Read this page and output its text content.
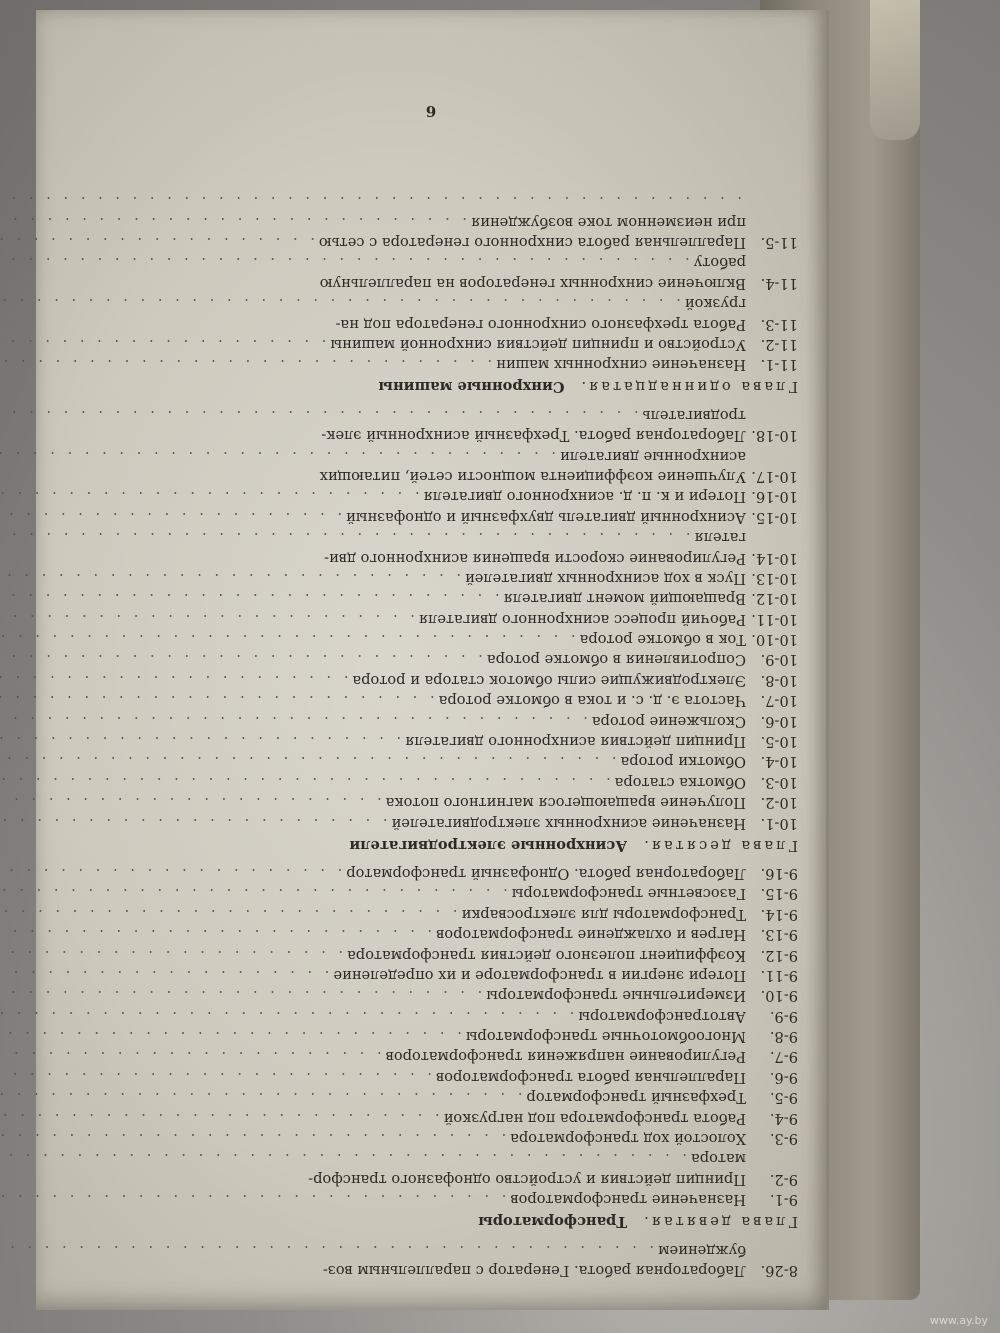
8-26.
Лабораторная работа. Генератор с параллельным воз-
буждением
. . .
Глава девятая.
Трансформаторы
9-1.
Назначение трансформаторов
. . .
9-2.
Принцип действия и устройство однофазного трансфор-
матора
. . .
9-3.
Холостой ход трансформатора
. . .
9-4.
Работа трансформатора под нагрузкой
. . .
9-5.
Трехфазный трансформатор
. . .
9-6.
Параллельная работа трансформаторов
. . .
9-7.
Регулирование напряжения трансформаторов
. . .
9-8.
Многообмоточные трансформаторы
. . .
9-9.
Автотрансформаторы
. . .
9-10.
Измерительные трансформаторы
. . .
9-11.
Потери энергии в трансформаторе и их определение
. . .
9-12.
Коэффициент полезного действия трансформатора
. . .
9-13.
Нагрев и охлаждение трансформаторов
. . .
9-14.
Трансформаторы для электросварки
. . .
9-15.
Газосветные трансформаторы
. . .
9-16.
Лабораторная работа. Однофазный трансформатор
. . .
Глава десятая.
Асинхронные электродвигатели
10-1.
Назначение асинхронных электродвигателей
. . .
10-2.
Получение вращающегося магнитного потока
. . .
10-3.
Обмотка статора
. . .
10-4.
Обмотки ротора
. . .
10-5.
Принцип действия асинхронного двигателя
. . .
10-6.
Скольжение ротора
. . .
10-7.
Частота э. д. с. и тока в обмотке ротора
. . .
10-8.
Электродвижущие силы обмоток статора и ротора
. . .
10-9.
Сопротивления в обмотке ротора
. . .
10-10.
Ток в обмотке ротора
. . .
10-11.
Рабочий процесс асинхронного двигателя
. . .
10-12.
Вращающий момент двигателя
. . .
10-13.
Пуск в ход асинхронных двигателей
. . .
10-14.
Регулирование скорости вращения асинхронного дви-
гателя
. . .
10-15.
Асинхронный двигатель двухфазный и однофазный
. . .
10-16.
Потери и к. п. д. асинхронного двигателя
. . .
10-17.
Улучшение коэффициента мощности сетей, питающих
асинхронные двигатели
. . .
10-18.
Лабораторная работа. Трехфазный асинхронный элек-
тродвигатель
. . .
Глава одиннадцатая.
Синхронные машины
11-1.
Назначение синхронных машин
. . .
11-2.
Устройство и принцип действия синхронной машины
. . .
11-3.
Работа трехфазного синхронного генератора под на-
грузкой
. . .
11-4.
Включение синхронных генераторов на параллельную
работу
. . .
11-5.
Параллельная работа синхронного генератора с сетью
. . .
при неизменном токе возбуждения
. . .
. . .
6
www.ay.by
